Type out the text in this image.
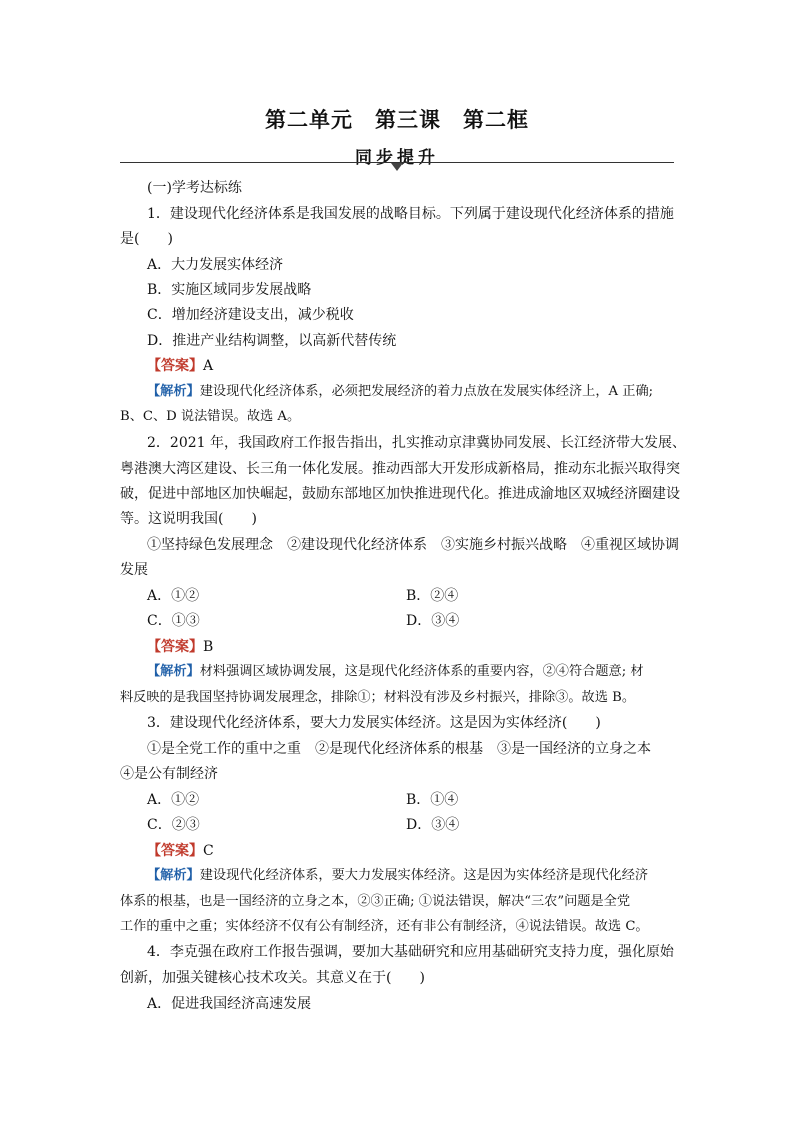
第二单元　第三课　第二框
同步提升
(一)学考达标练
1．建设现代化经济体系是我国发展的战略目标。下列属于建设现代化经济体系的措施
是(　　)
A．大力发展实体经济
B．实施区域同步发展战略
C．增加经济建设支出，减少税收
D．推进产业结构调整，以高新代替传统
【答案】A
【解析】建设现代化经济体系，必须把发展经济的着力点放在发展实体经济上，A 正确;
B、C、D 说法错误。故选 A。
2．2021 年，我国政府工作报告指出，扎实推动京津冀协同发展、长江经济带大发展、
粤港澳大湾区建设、长三角一体化发展。推动西部大开发形成新格局，推动东北振兴取得突
破，促进中部地区加快崛起，鼓励东部地区加快推进现代化。推进成渝地区双城经济圈建设
等。这说明我国(　　)
①坚持绿色发展理念　②建设现代化经济体系　③实施乡村振兴战略　④重视区域协调
发展
A．①②	B．②④
C．①③	D．③④
【答案】B
【解析】材料强调区域协调发展，这是现代化经济体系的重要内容，②④符合题意; 材
料反映的是我国坚持协调发展理念，排除①；材料没有涉及乡村振兴，排除③。故选 B。
3．建设现代化经济体系，要大力发展实体经济。这是因为实体经济(　　)
①是全党工作的重中之重　②是现代化经济体系的根基　③是一国经济的立身之本
④是公有制经济
A．①②	B．①④
C．②③	D．③④
【答案】C
【解析】建设现代化经济体系，要大力发展实体经济。这是因为实体经济是现代化经济
体系的根基，也是一国经济的立身之本，②③正确; ①说法错误，解决“三农”问题是全党
工作的重中之重；实体经济不仅有公有制经济，还有非公有制经济，④说法错误。故选 C。
4．李克强在政府工作报告强调，要加大基础研究和应用基础研究支持力度，强化原始
创新，加强关键核心技术攻关。其意义在于(　　)
A．促进我国经济高速发展
